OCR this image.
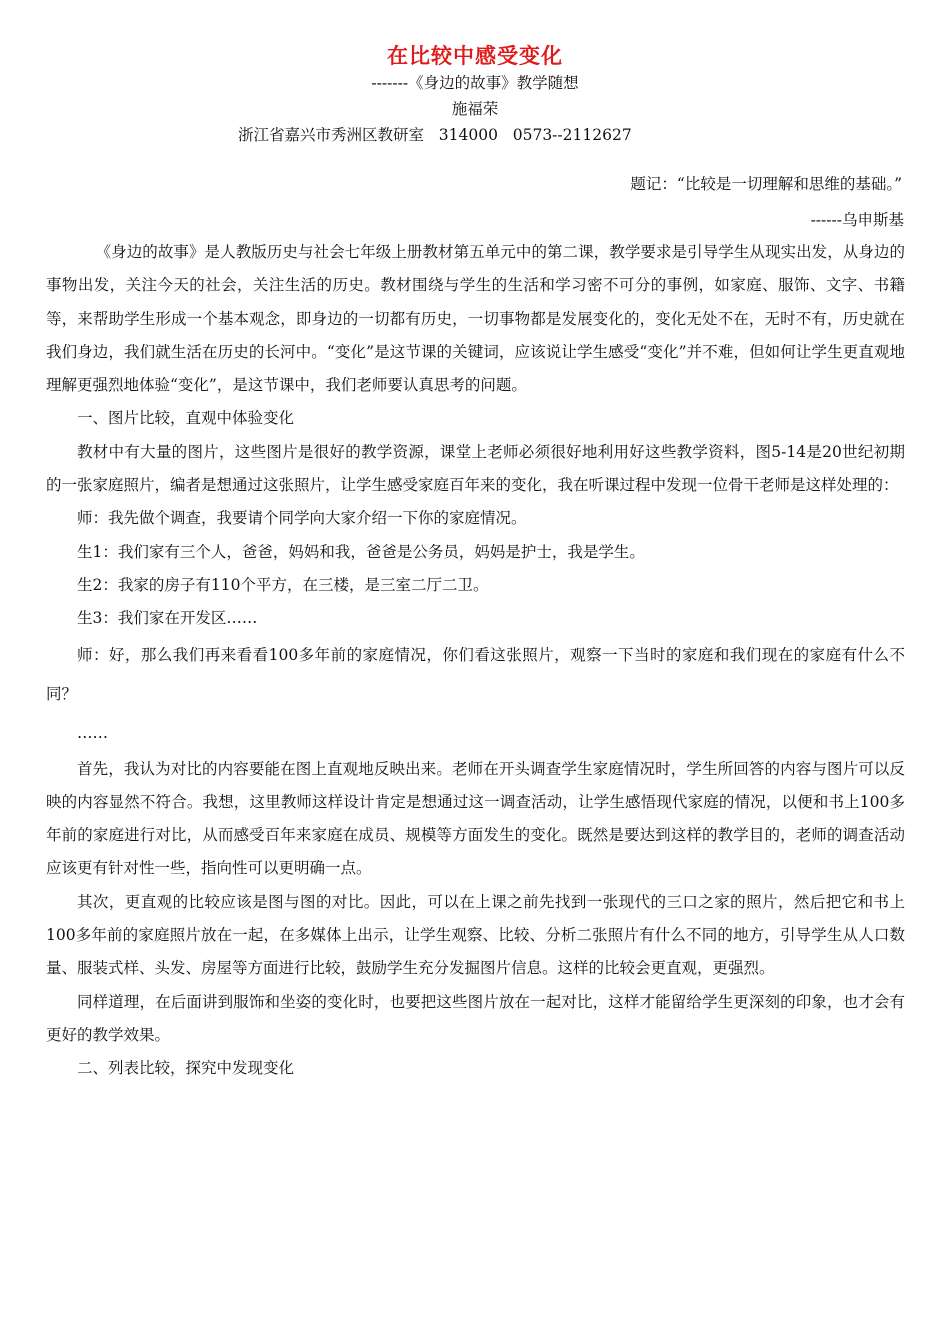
在比较中感受变化
-------《身边的故事》教学随想
施福荣
浙江省嘉兴市秀洲区教研室   314000   0573--2112627
题记：“比较是一切理解和思维的基础。”
------乌申斯基

《身边的故事》是人教版历史与社会七年级上册教材第五单元中的第二课，教学要求是引导学生从现实出发，从身边的事物出发，关注今天的社会，关注生活的历史。教材围绕与学生的生活和学习密不可分的事例，如家庭、服饰、文字、书籍等，来帮助学生形成一个基本观念，即身边的一切都有历史，一切事物都是发展变化的，变化无处不在，无时不有，历史就在我们身边，我们就生活在历史的长河中。“变化”是这节课的关键词，应该说让学生感受“变化”并不难，但如何让学生更直观地理解更强烈地体验“变化”，是这节课中，我们老师要认真思考的问题。

一、图片比较，直观中体验变化

教材中有大量的图片，这些图片是很好的教学资源，课堂上老师必须很好地利用好这些教学资料，图5-14是20世纪初期的一张家庭照片，编者是想通过这张照片，让学生感受家庭百年来的变化，我在听课过程中发现一位骨干老师是这样处理的：

师：我先做个调查，我要请个同学向大家介绍一下你的家庭情况。

生1：我们家有三个人，爸爸，妈妈和我，爸爸是公务员，妈妈是护士，我是学生。

生2：我家的房子有110个平方，在三楼，是三室二厅二卫。

生3：我们家在开发区……

师：好，那么我们再来看看100多年前的家庭情况，你们看这张照片，观察一下当时的家庭和我们现在的家庭有什么不同？

……

首先，我认为对比的内容要能在图上直观地反映出来。老师在开头调查学生家庭情况时，学生所回答的内容与图片可以反映的内容显然不符合。我想，这里教师这样设计肯定是想通过这一调查活动，让学生感悟现代家庭的情况，以便和书上100多年前的家庭进行对比，从而感受百年来家庭在成员、规模等方面发生的变化。既然是要达到这样的教学目的，老师的调查活动应该更有针对性一些，指向性可以更明确一点。

其次，更直观的比较应该是图与图的对比。因此，可以在上课之前先找到一张现代的三口之家的照片，然后把它和书上100多年前的家庭照片放在一起，在多媒体上出示，让学生观察、比较、分析二张照片有什么不同的地方，引导学生从人口数量、服装式样、头发、房屋等方面进行比较，鼓励学生充分发掘图片信息。这样的比较会更直观，更强烈。

同样道理，在后面讲到服饰和坐姿的变化时，也要把这些图片放在一起对比，这样才能留给学生更深刻的印象，也才会有更好的教学效果。

二、列表比较，探究中发现变化
